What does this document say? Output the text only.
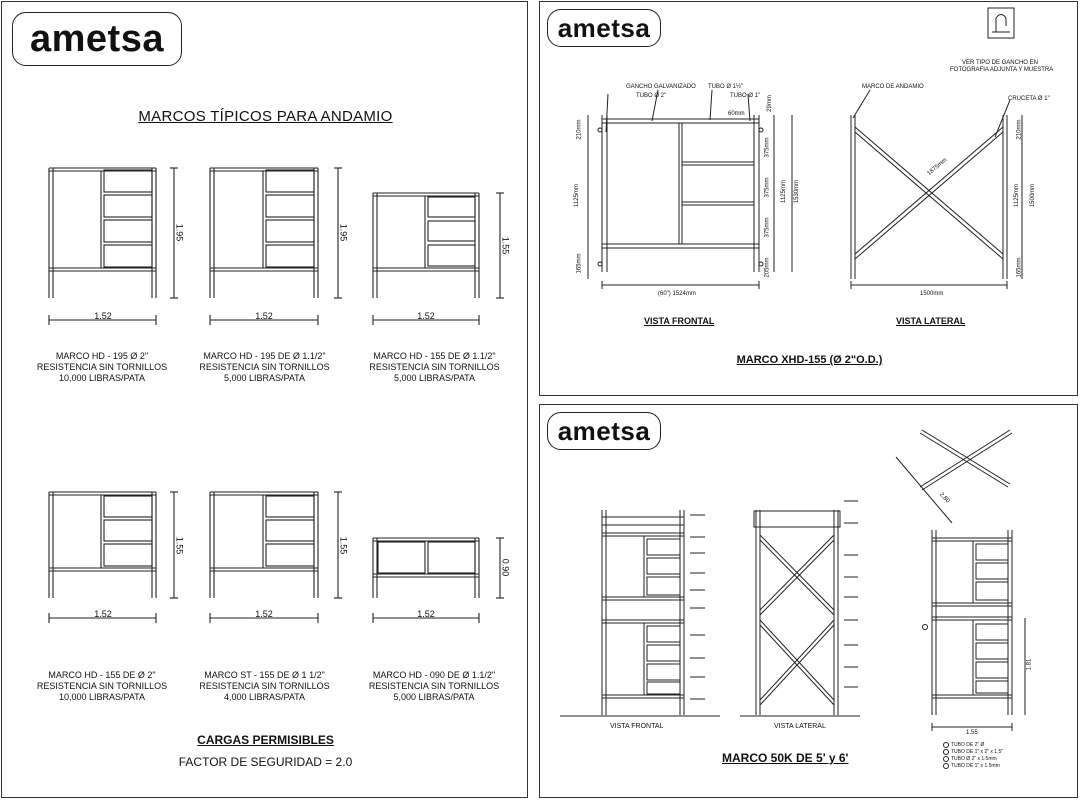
ametsa
MARCOS TÍPICOS PARA ANDAMIO
1.52	1.52	1.52
1.52	1.52	1.52
1.95	1.95
1.55
1.55	1.55
0.90
MARCO HD - 195 Ø 2"
RESISTENCIA SIN TORNILLOS
10,000 LIBRAS/PATA
MARCO HD - 195 DE Ø 1.1/2"
RESISTENCIA SIN TORNILLOS
5,000 LIBRAS/PATA
MARCO HD - 155 DE Ø 1.1/2"
RESISTENCIA SIN TORNILLOS
5,000 LIBRAS/PATA
MARCO HD - 155 DE Ø 2"
RESISTENCIA SIN TORNILLOS
10,000 LIBRAS/PATA
MARCO ST - 155 DE Ø 1 1/2"
RESISTENCIA SIN TORNILLOS
4,000 LIBRAS/PATA
MARCO HD - 090 DE Ø 1.1/2"
RESISTENCIA SIN TORNILLOS
5,000 LIBRAS/PATA
CARGAS PERMISIBLES
FACTOR DE SEGURIDAD = 2.0
ametsa
VER TIPO DE GANCHO EN
FOTOGRAFIA ADJUNTA Y MUESTRA
GANCHO GALVANIZADO TUBO Ø 1½"
TUBO Ø 2"	TUBO Ø 1"
MARCO DE ANDAMIO
CRUCETA Ø 1"
210mm
1125mm
165mm
29mm
60mm
375mm
375mm
375mm
205mm
1125mm 1530mm
(60") 1524mm
1875mm
210mm
1125mm 1500mm
165mm
1500mm
VISTA FRONTAL	VISTA LATERAL
MARCO XHD-155 (Ø 2"O.D.)
ametsa
2.80
1.81
1.55
VISTA FRONTAL	VISTA LATERAL
TUBO DE 2" Ø
TUBO DE 1" x 2" x 1.5"
TUBO Ø 2" x 1.5mm
TUBO DE 1" x 1.5mm
MARCO 50K DE 5' y 6'
